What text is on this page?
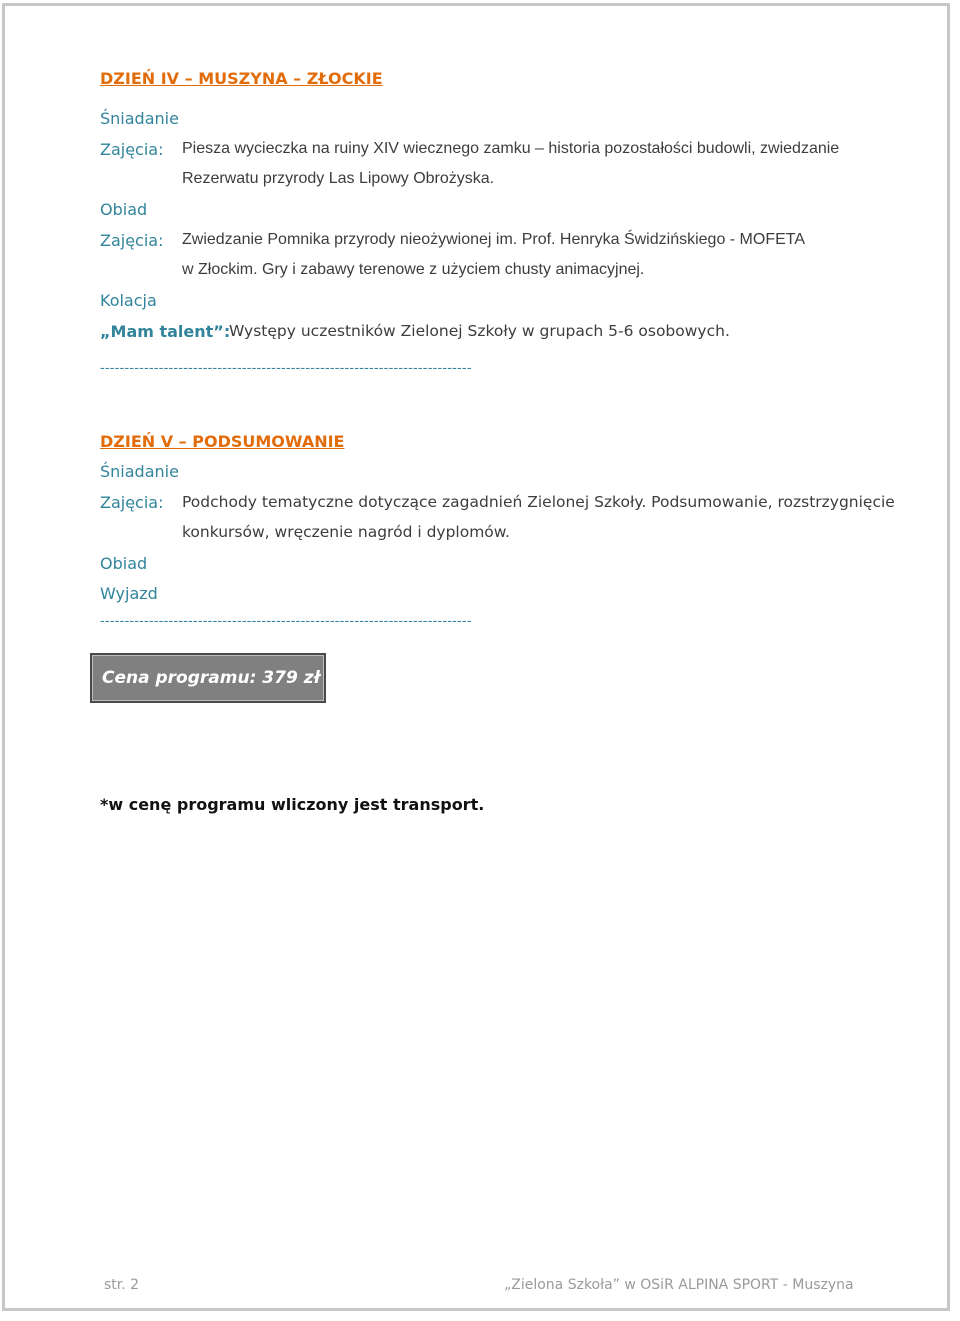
DZIEŃ IV – MUSZYNA – ZŁOCKIE
Śniadanie
Zajęcia: Piesza wycieczka na ruiny XIV wiecznego zamku – historia pozostałości budowli, zwiedzanie
Rezerwatu przyrody Las Lipowy Obrożyska.
Obiad
Zajęcia: Zwiedzanie Pomnika przyrody nieożywionej im. Prof. Henryka Świdzińskiego - MOFETA
w Złockim. Gry i zabawy terenowe z użyciem chusty animacyjnej.
Kolacja
„Mam talent”:
Występy uczestników Zielonej Szkoły w grupach 5-6 osobowych.
----------------------------------------------------------------------------
DZIEŃ V – PODSUMOWANIE
Śniadanie
Zajęcia: Podchody tematyczne dotyczące zagadnień Zielonej Szkoły. Podsumowanie, rozstrzygnięcie
konkursów, wręczenie nagród i dyplomów.
Obiad
Wyjazd
----------------------------------------------------------------------------
Cena programu: 379 zł
*w cenę programu wliczony jest transport.
str. 2	„Zielona Szkoła” w OSiR ALPINA SPORT - Muszyna
